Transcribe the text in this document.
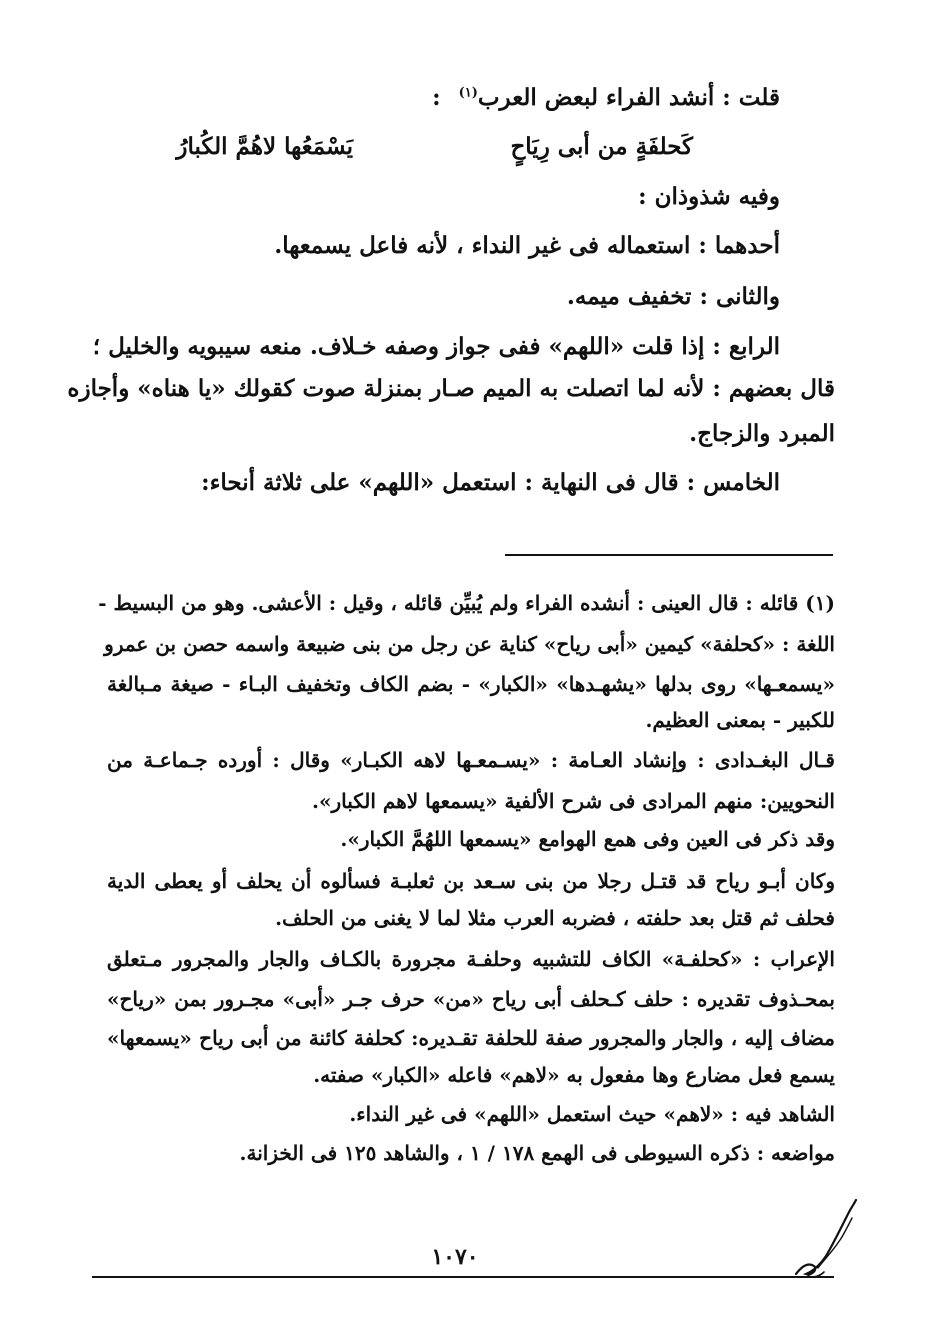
قلت : أنشد الفراء لبعض العرب$^{(١)}$:
كَحلفَةٍ من أبى رِيَاحٍ
يَسْمَعُها لاهُمَّ الكُبارُ
وفيه شذوذان :
أحدهما : استعماله فى غير النداء ، لأنه فاعل يسمعها.
والثانى : تخفيف ميمه.
الرابع : إذا قلت «اللهم» ففى جواز وصفه خـلاف. منعه سيبويه والخليل ؛
قال بعضهم : لأنه لما اتصلت به الميم صـار بمنزلة صوت كقولك «يا هناه» وأجازه
المبرد والزجاج.
الخامس : قال فى النهاية : استعمل «اللهم» على ثلاثة أنحاء:
(١) قائله : قال العينى : أنشده الفراء ولم يُبيِّن قائله ، وقيل : الأعشى. وهو من البسيط -
اللغة : «كحلفة» كيمين «أبى رياح» كناية عن رجل من بنى ضبيعة واسمه حصن بن عمرو
«يسمعـها» روى بدلها «يشهـدها» «الكبار» - بضم الكاف وتخفيف البـاء - صيغة مـبالغة
للكبير - بمعنى العظيم.
قـال البغـدادى : وإنشاد العـامة : «يسـمعـها لاهه الكبـار» وقال : أورده جـماعـة من
النحويين: منهم المرادى فى شرح الألفية «يسمعها لاهم الكبار».
وقد ذكر فى العين وفى همع الهوامع «يسمعها اللهُمَّ الكبار».
وكان أبـو رياح قد قتـل رجلا من بنى سـعد بن ثعلبـة فسألوه أن يحلف أو يعطى الدية
فحلف ثم قتل بعد حلفته ، فضربه العرب مثلا لما لا يغنى من الحلف.
الإعراب : «كحلفـة» الكاف للتشبيه وحلفـة مجرورة بالكـاف والجار والمجرور مـتعلق
بمحـذوف تقديره : حلف كـحلف أبى رياح «من» حرف جـر «أبى» مجـرور بمن «رياح»
مضاف إليه ، والجار والمجرور صفة للحلفة تقـديره: كحلفة كائنة من أبى رياح «يسمعها»
يسمع فعل مضارع وها مفعول به «لاهم» فاعله «الكبار» صفته.
الشاهد فيه : «لاهم» حيث استعمل «اللهم» فى غير النداء.
مواضعه : ذكره السيوطى فى الهمع ١٧٨ / ١ ، والشاهد ١٢٥ فى الخزانة.
١٠٧٠
